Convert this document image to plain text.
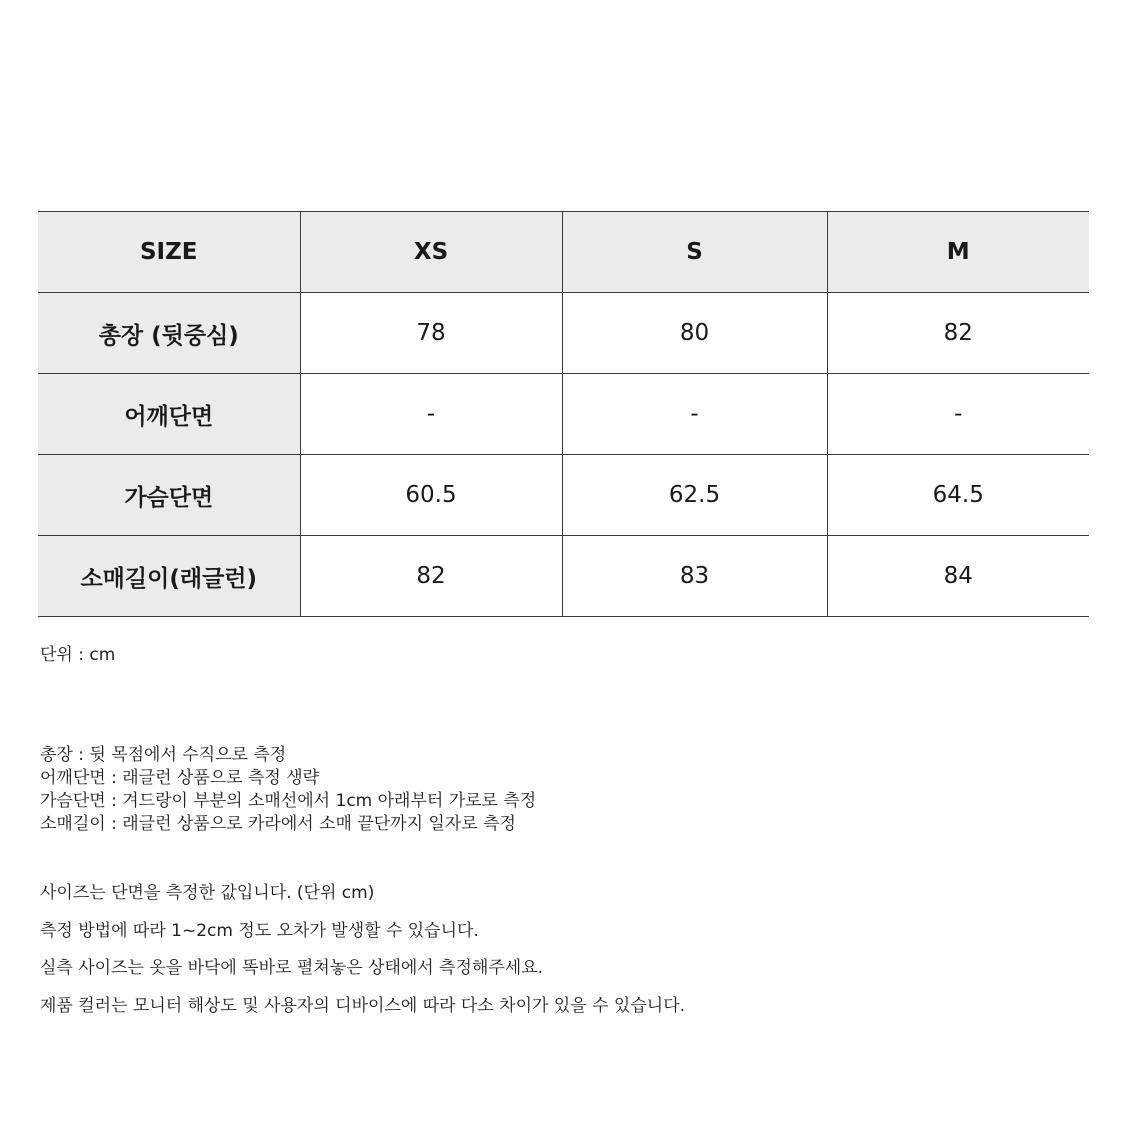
SIZE	XS	S	M
총장 (뒷중심)	78	80	82
어깨단면	-	-	-
가슴단면	60.5	62.5	64.5
소매길이(래글런)	82	83	84
단위 : cm
총장 : 뒷 목점에서 수직으로 측정
어깨단면 : 래글런 상품으로 측정 생략
가슴단면 : 겨드랑이 부분의 소매선에서 1cm 아래부터 가로로 측정
소매길이 : 래글런 상품으로 카라에서 소매 끝단까지 일자로 측정
사이즈는 단면을 측정한 값입니다. (단위 cm)
측정 방법에 따라 1~2cm 정도 오차가 발생할 수 있습니다.
실측 사이즈는 옷을 바닥에 똑바로 펼쳐놓은 상태에서 측정해주세요.
제품 컬러는 모니터 해상도 및 사용자의 디바이스에 따라 다소 차이가 있을 수 있습니다.
